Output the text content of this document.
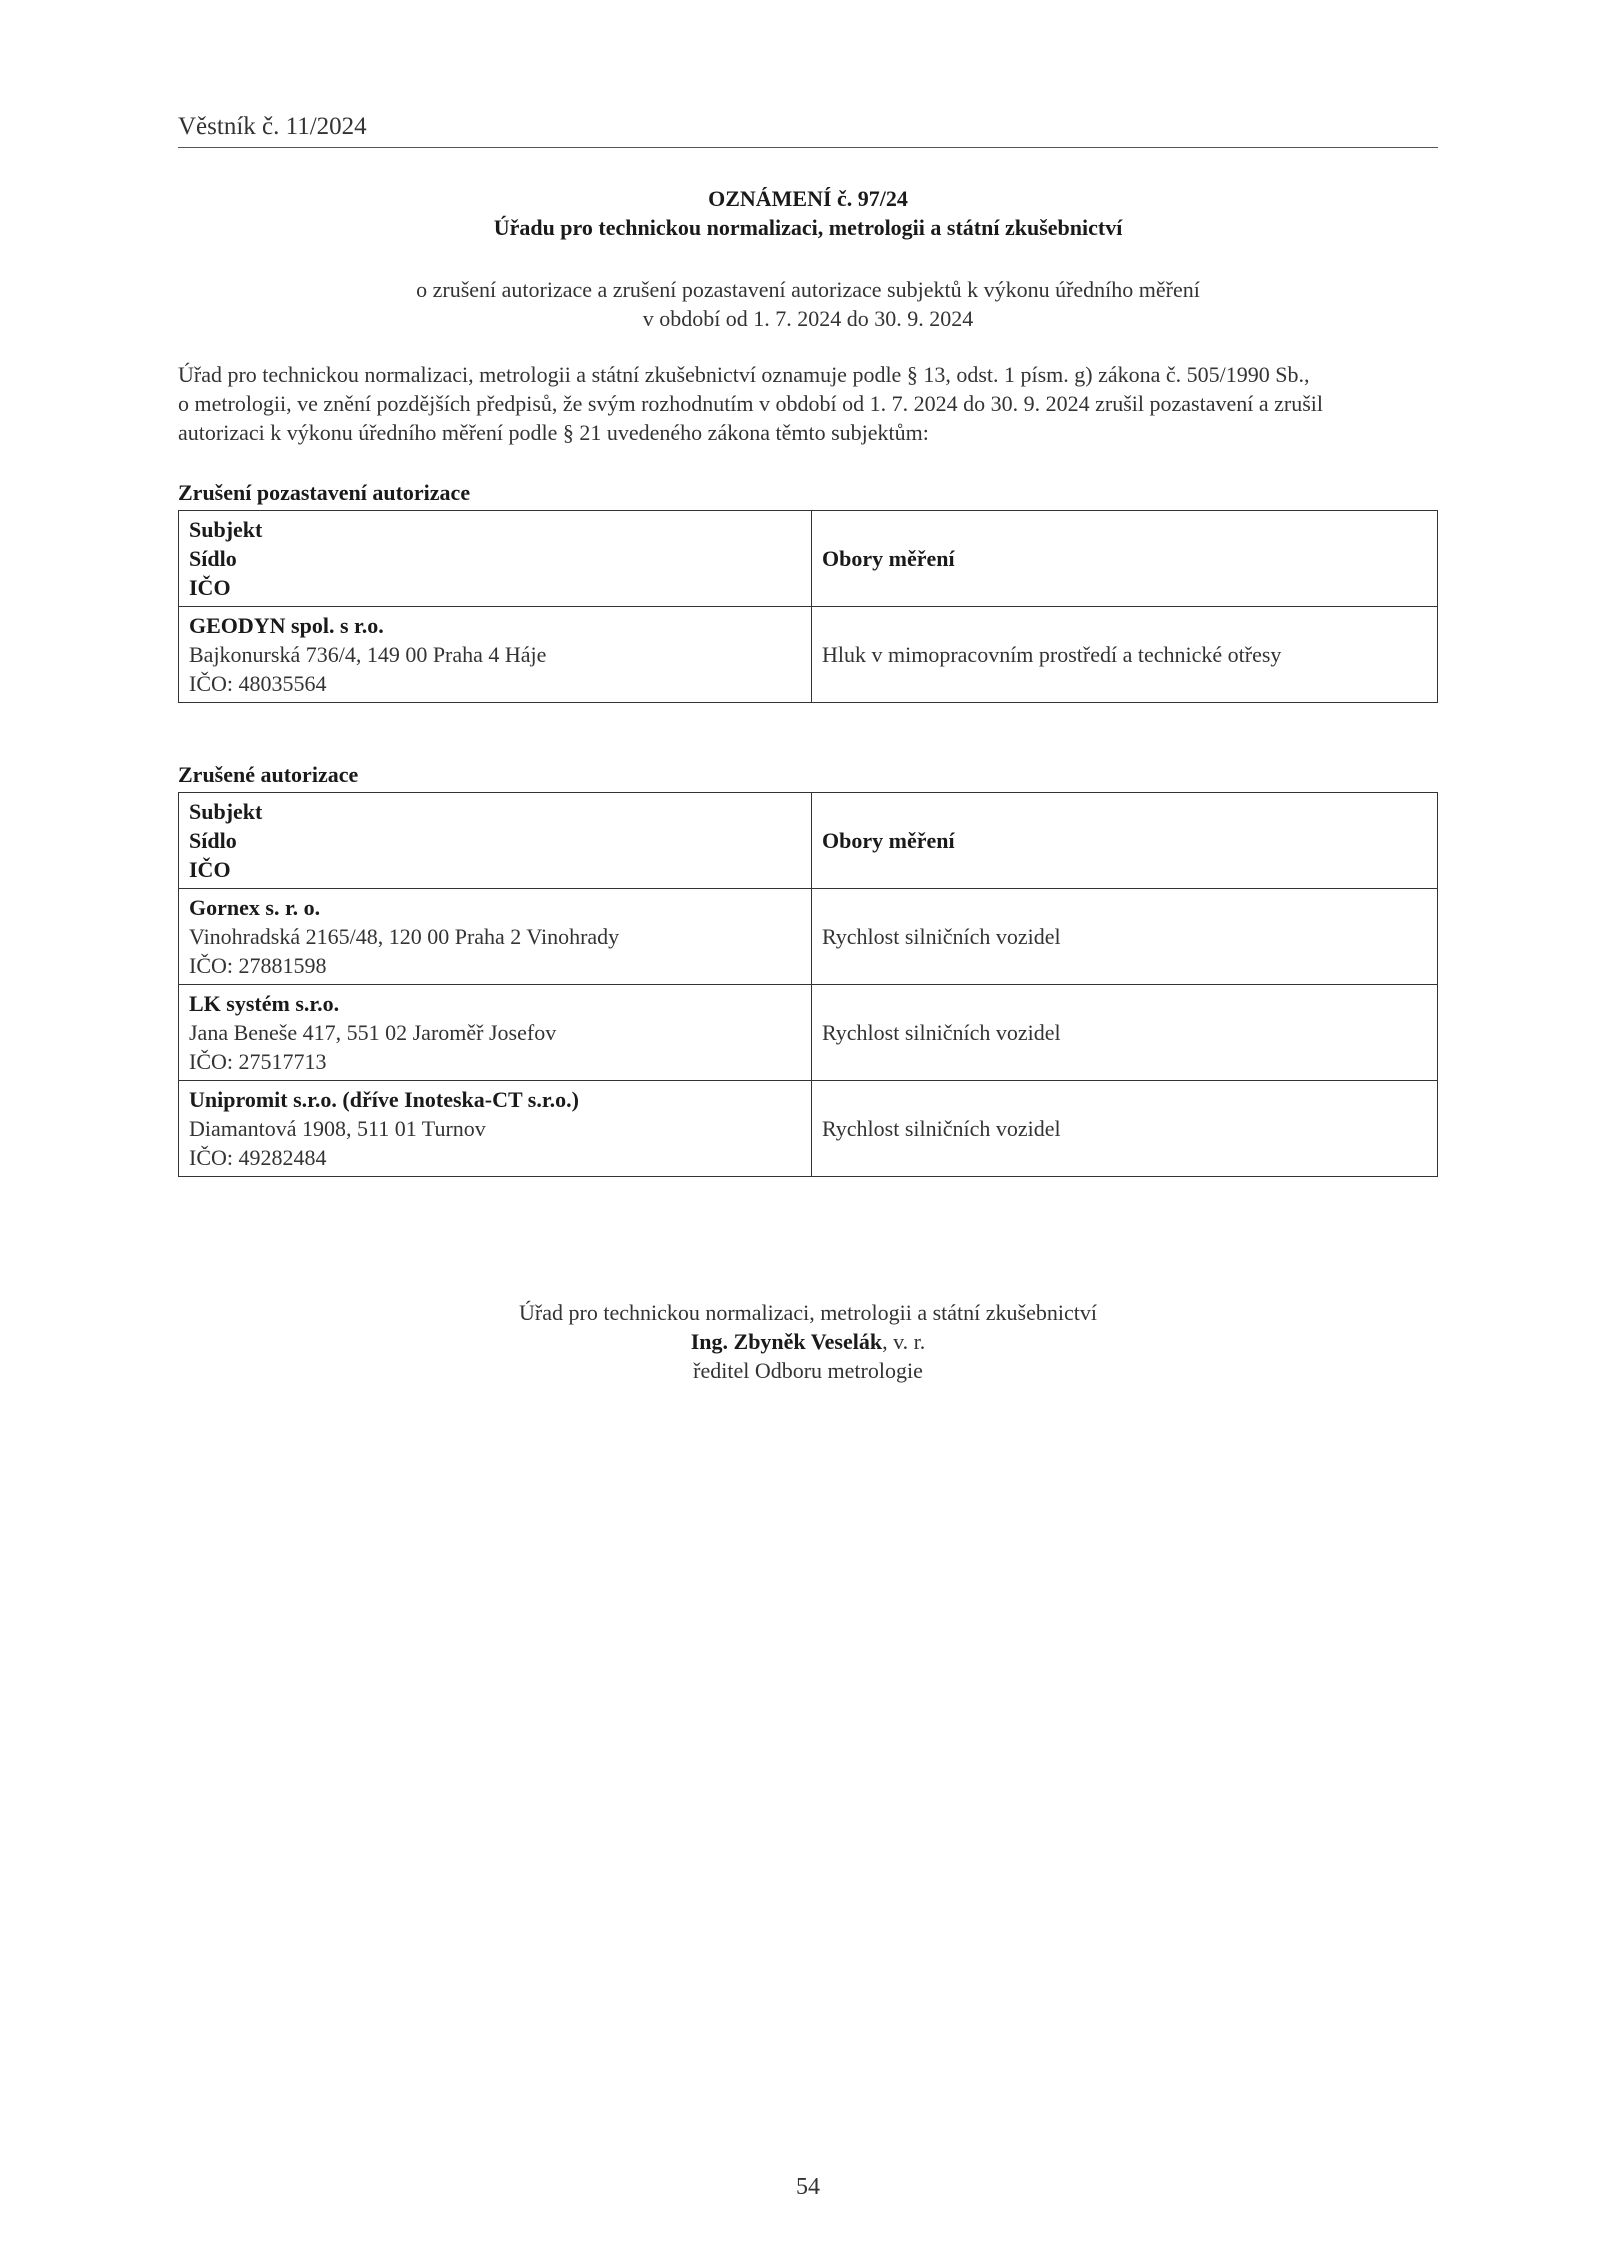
Věstník č. 11/2024
OZNÁMENÍ č. 97/24
Úřadu pro technickou normalizaci, metrologii a státní zkušebnictví
o zrušení autorizace a zrušení pozastavení autorizace subjektů k výkonu úředního měření
v období od 1. 7. 2024 do 30. 9. 2024
Úřad pro technickou normalizaci, metrologii a státní zkušebnictví oznamuje podle § 13, odst. 1 písm. g) zákona č. 505/1990 Sb.,
o metrologii, ve znění pozdějších předpisů, že svým rozhodnutím v období od 1. 7. 2024 do 30. 9. 2024 zrušil pozastavení a zrušil
autorizaci k výkonu úředního měření podle § 21 uvedeného zákona těmto subjektům:
Zrušení pozastavení autorizace
Subjekt
Sídlo
IČO	Obory měření

GEODYN spol. s r.o.
Bajkonurská 736/4, 149 00 Praha 4 Háje
IČO: 48035564	Hluk v mimopracovním prostředí a technické otřesy
Zrušené autorizace
Subjekt
Sídlo
IČO	Obory měření

Gornex s. r. o.
Vinohradská 2165/48, 120 00 Praha 2 Vinohrady
IČO: 27881598	Rychlost silničních vozidel

LK systém s.r.o.
Jana Beneše 417, 551 02 Jaroměř Josefov
IČO: 27517713	Rychlost silničních vozidel

Unipromit s.r.o. (dříve Inoteska-CT s.r.o.)
Diamantová 1908, 511 01 Turnov
IČO: 49282484	Rychlost silničních vozidel
Úřad pro technickou normalizaci, metrologii a státní zkušebnictví
Ing. Zbyněk Veselák, v. r.
ředitel Odboru metrologie
54
